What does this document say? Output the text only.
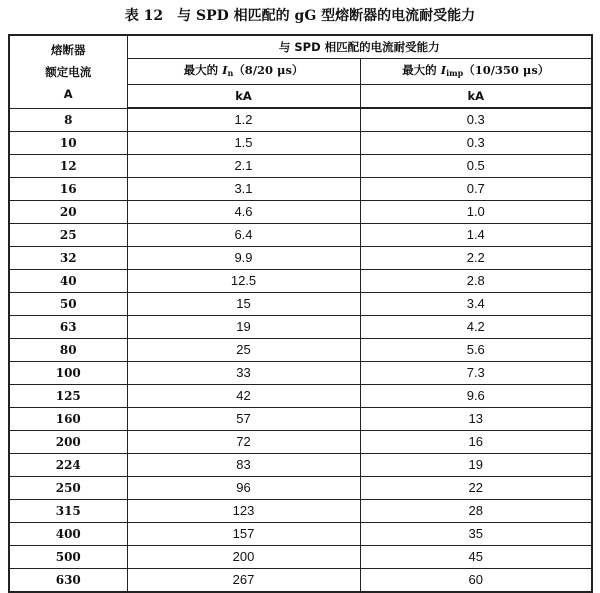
表 12 与 SPD 相匹配的 gG 型熔断器的电流耐受能力
熔断器
额定电流
A	与 SPD 相匹配的电流耐受能力	
	最大的 $I_n(8/20$ μs）	最大的 $I_{imp}(10/350$ μs）
	kA	kA
8	1.2	0.3
10	1.5	0.3
12	2.1	0.5
16	3.1	0.7
20	4.6	1.0
25	6.4	1.4
32	9.9	2.2
40	12.5	2.8
50	15	3.4
63	19	4.2
80	25	5.6
100	33	7.3
125	42	9.6
160	57	13
200	72	16
224	83	19
250	96	22
315	123	28
400	157	35
500	200	45
630	267	60
